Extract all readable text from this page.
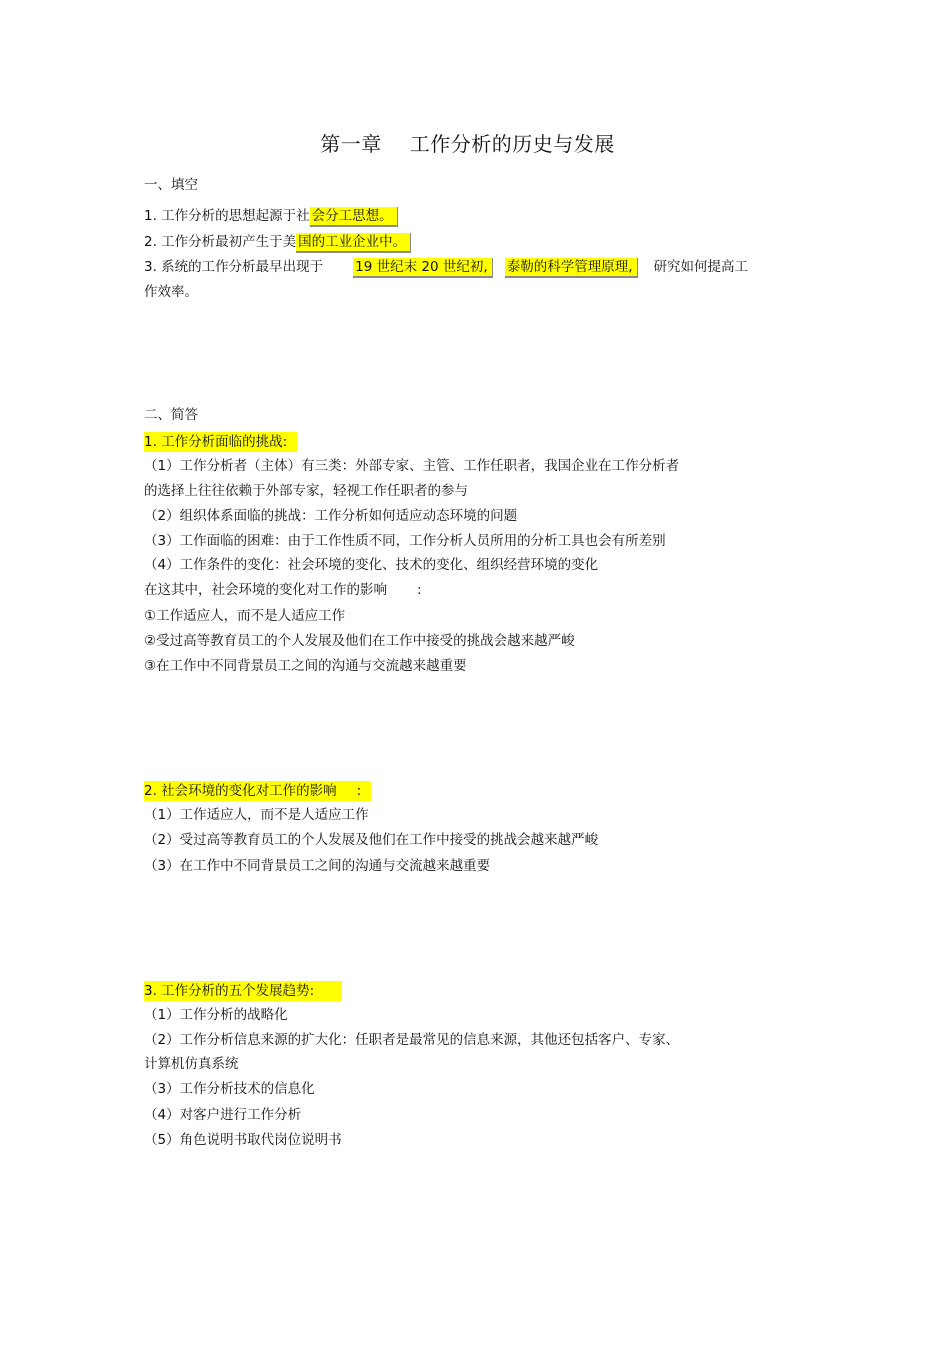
第一章 工作分析的历史与发展
一、填空
1. 工作分析的思想起源于社 会分工思想。
2. 工作分析最初产生于美 国的工业企业中。
3. 系统的工作分析最早出现于 19 世纪末 20 世纪初, 泰勒的科学管理原理, 研究如何提高工
作效率。
二、简答
1. 工作分析面临的挑战:
（1）工作分析者（主体）有三类：外部专家、主管、工作任职者，我国企业在工作分析者
的选择上往往依赖于外部专家，轻视工作任职者的参与
（2）组织体系面临的挑战：工作分析如何适应动态环境的问题
（3）工作面临的困难：由于工作性质不同，工作分析人员所用的分析工具也会有所差别
（4）工作条件的变化：社会环境的变化、技术的变化、组织经营环境的变化
在这其中，社会环境的变化对工作的影响 :
①工作适应人，而不是人适应工作
②受过高等教育员工的个人发展及他们在工作中接受的挑战会越来越严峻
③在工作中不同背景员工之间的沟通与交流越来越重要
2. 社会环境的变化对工作的影响 :
（1）工作适应人，而不是人适应工作
（2）受过高等教育员工的个人发展及他们在工作中接受的挑战会越来越严峻
（3）在工作中不同背景员工之间的沟通与交流越来越重要
3. 工作分析的五个发展趋势:
（1）工作分析的战略化
（2）工作分析信息来源的扩大化：任职者是最常见的信息来源，其他还包括客户、专家、
计算机仿真系统
（3）工作分析技术的信息化
（4）对客户进行工作分析
（5）角色说明书取代岗位说明书
